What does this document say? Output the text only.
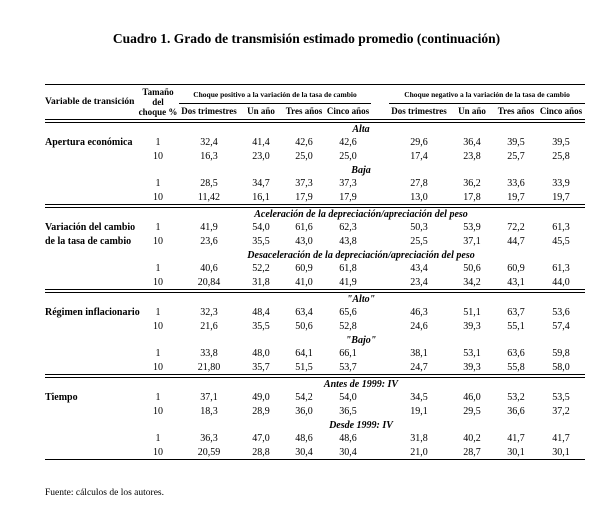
Cuadro 1. Grado de transmisión estimado promedio (continuación)
Variable de transición	Tamaño del choque %	Choque positivo a la variación de la tasa de cambio					Choque negativo a la variación de la tasa de cambio			
		Dos trimestres	Un año	Tres años	Cinco años		Dos trimestres	Un año	Tres años	Cinco años

	Alta									
Apertura económica	1	32,4	41,4	42,6	42,6		29,6	36,4	39,5	39,5
	10	16,3	23,0	25,0	25,0		17,4	23,8	25,7	25,8
	Baja									
	1	28,5	34,7	37,3	37,3		27,8	36,2	33,6	33,9
	10	11,42	16,1	17,9	17,9		13,0	17,8	19,7	19,7

	Aceleración de la depreciación/apreciación del peso									
Variación del cambio	1	41,9	54,0	61,6	62,3		50,3	53,9	72,2	61,3
de la tasa de cambio	10	23,6	35,5	43,0	43,8		25,5	37,1	44,7	45,5
	Desaceleración de la depreciación/apreciación del peso									
	1	40,6	52,2	60,9	61,8		43,4	50,6	60,9	61,3
	10	20,84	31,8	41,0	41,9		23,4	34,2	43,1	44,0

	"Alto"									
Régimen inflacionario	1	32,3	48,4	63,4	65,6		46,3	51,1	63,7	53,6
	10	21,6	35,5	50,6	52,8		24,6	39,3	55,1	57,4
	"Bajo"									
	1	33,8	48,0	64,1	66,1		38,1	53,1	63,6	59,8
	10	21,80	35,7	51,5	53,7		24,7	39,3	55,8	58,0

	Antes de 1999: IV									
Tiempo	1	37,1	49,0	54,2	54,0		34,5	46,0	53,2	53,5
	10	18,3	28,9	36,0	36,5		19,1	29,5	36,6	37,2
	Desde 1999: IV									
	1	36,3	47,0	48,6	48,6		31,8	40,2	41,7	41,7
	10	20,59	28,8	30,4	30,4		21,0	28,7	30,1	30,1

Fuente: cálculos de los autores.
